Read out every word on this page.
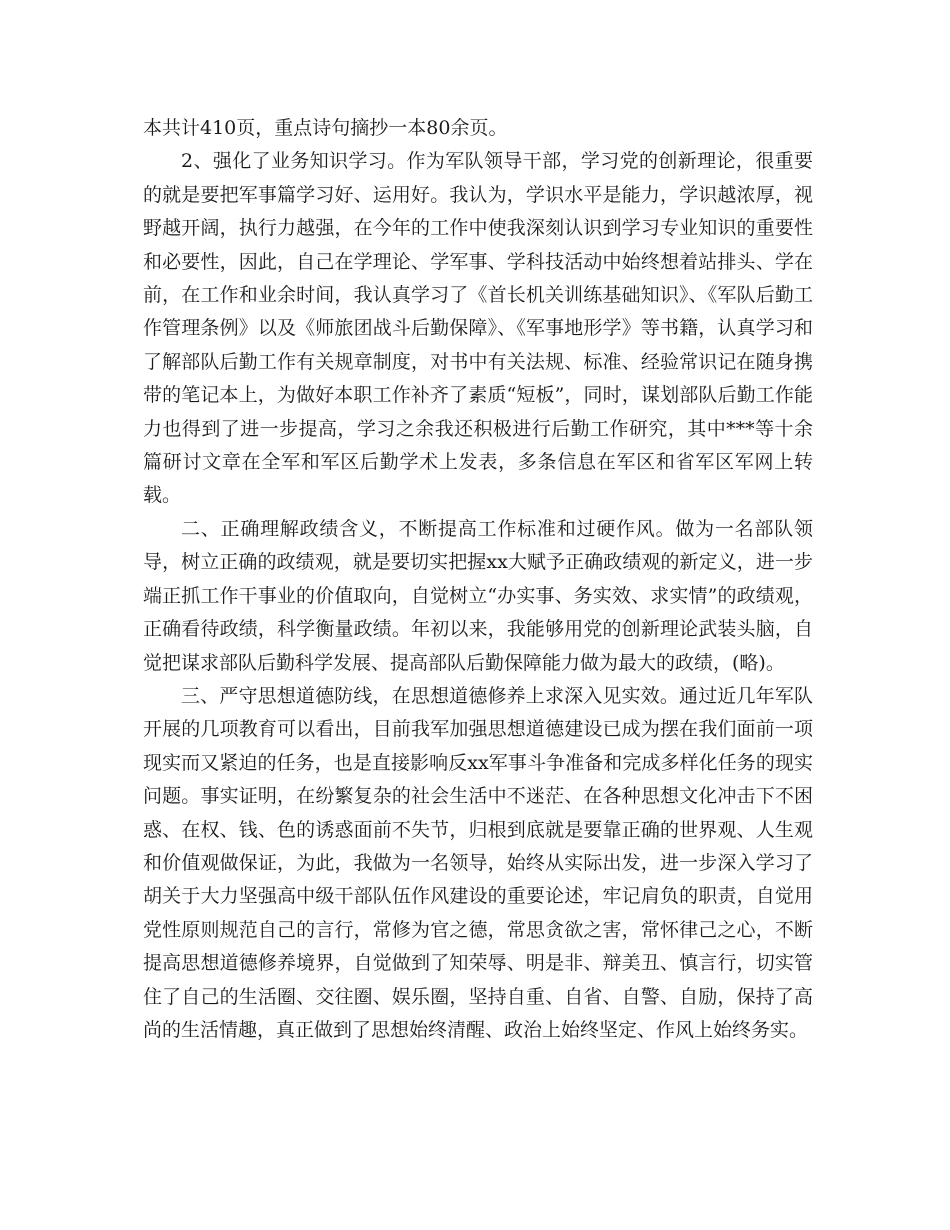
本共计410页，重点诗句摘抄一本80余页。

2、强化了业务知识学习。作为军队领导干部，学习党的创新理论，很重要的就是要把军事篇学习好、运用好。我认为，学识水平是能力，学识越浓厚，视野越开阔，执行力越强，在今年的工作中使我深刻认识到学习专业知识的重要性和必要性，因此，自己在学理论、学军事、学科技活动中始终想着站排头、学在前，在工作和业余时间，我认真学习了《首长机关训练基础知识》、《军队后勤工作管理条例》以及《师旅团战斗后勤保障》、《军事地形学》等书籍，认真学习和了解部队后勤工作有关规章制度，对书中有关法规、标准、经验常识记在随身携带的笔记本上，为做好本职工作补齐了素质“短板”，同时，谋划部队后勤工作能力也得到了进一步提高，学习之余我还积极进行后勤工作研究，其中***等十余篇研讨文章在全军和军区后勤学术上发表，多条信息在军区和省军区军网上转载。

二、正确理解政绩含义，不断提高工作标准和过硬作风。做为一名部队领导，树立正确的政绩观，就是要切实把握xx大赋予正确政绩观的新定义，进一步端正抓工作干事业的价值取向，自觉树立“办实事、务实效、求实情”的政绩观，正确看待政绩，科学衡量政绩。年初以来，我能够用党的创新理论武装头脑，自觉把谋求部队后勤科学发展、提高部队后勤保障能力做为最大的政绩，(略)。

三、严守思想道德防线，在思想道德修养上求深入见实效。通过近几年军队开展的几项教育可以看出，目前我军加强思想道德建设已成为摆在我们面前一项现实而又紧迫的任务，也是直接影响反xx军事斗争准备和完成多样化任务的现实问题。事实证明，在纷繁复杂的社会生活中不迷茫、在各种思想文化冲击下不困惑、在权、钱、色的诱惑面前不失节，归根到底就是要靠正确的世界观、人生观和价值观做保证，为此，我做为一名领导，始终从实际出发，进一步深入学习了胡关于大力坚强高中级干部队伍作风建设的重要论述，牢记肩负的职责，自觉用党性原则规范自己的言行，常修为官之德，常思贪欲之害，常怀律己之心，不断提高思想道德修养境界，自觉做到了知荣辱、明是非、辩美丑、慎言行，切实管住了自己的生活圈、交往圈、娱乐圈，坚持自重、自省、自警、自励，保持了高尚的生活情趣，真正做到了思想始终清醒、政治上始终坚定、作风上始终务实。
